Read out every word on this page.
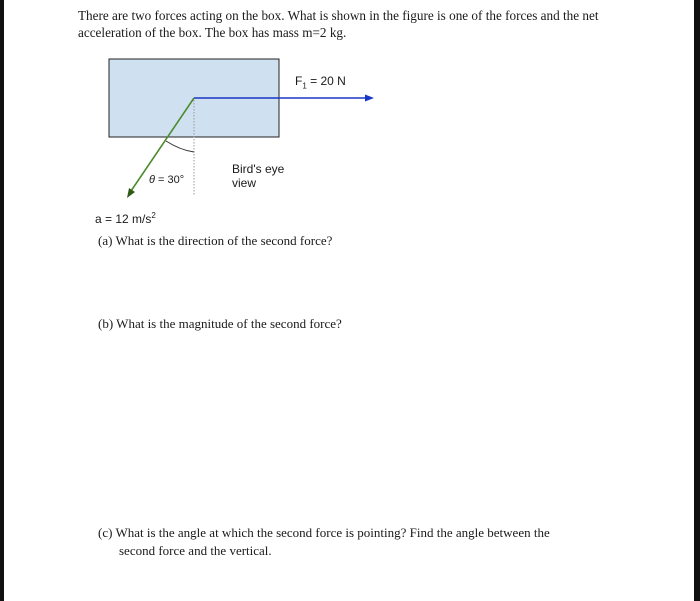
There are two forces acting on the box. What is shown in the figure is one of the forces and the net acceleration of the box. The box has mass m=2 kg.

$F_1 = 20$ N
θ = 30°
Bird's eye
view
a = 12 $m/s^2$

(a) What is the direction of the second force?

(b) What is the magnitude of the second force?

(c) What is the angle at which the second force is pointing? Find the angle between the
second force and the vertical.
